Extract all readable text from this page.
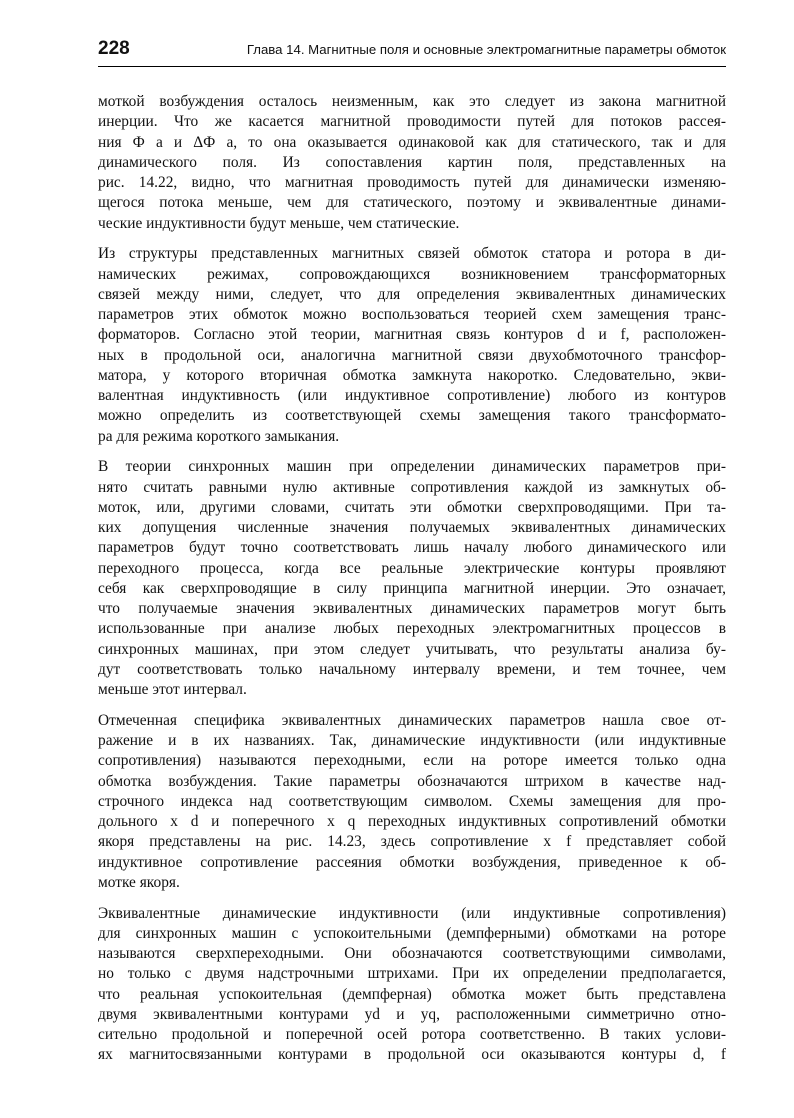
228	Глава 14. Магнитные поля и основные электромагнитные параметры обмоток
моткой возбуждения осталось неизменным, как это следует из закона магнитной
инерции. Что же касается магнитной проводимости путей для потоков рассея-
ния Ф а и ΔФ а, то она оказывается одинаковой как для статического, так и для
динамического поля. Из сопоставления картин поля, представленных на
рис. 14.22, видно, что магнитная проводимость путей для динамически изменяю-
щегося потока меньше, чем для статического, поэтому и эквивалентные динами-
ческие индуктивности будут меньше, чем статические.
Из структуры представленных магнитных связей обмоток статора и ротора в ди-
намических режимах, сопровождающихся возникновением трансформаторных
связей между ними, следует, что для определения эквивалентных динамических
параметров этих обмоток можно воспользоваться теорией схем замещения транс-
форматоров. Согласно этой теории, магнитная связь контуров d и f, расположен-
ных в продольной оси, аналогична магнитной связи двухобмоточного трансфор-
матора, у которого вторичная обмотка замкнута накоротко. Следовательно, экви-
валентная индуктивность (или индуктивное сопротивление) любого из контуров
можно определить из соответствующей схемы замещения такого трансформато-
ра для режима короткого замыкания.
В теории синхронных машин при определении динамических параметров при-
нято считать равными нулю активные сопротивления каждой из замкнутых об-
моток, или, другими словами, считать эти обмотки сверхпроводящими. При та-
ких допущения численные значения получаемых эквивалентных динамических
параметров будут точно соответствовать лишь началу любого динамического или
переходного процесса, когда все реальные электрические контуры проявляют
себя как сверхпроводящие в силу принципа магнитной инерции. Это означает,
что получаемые значения эквивалентных динамических параметров могут быть
использованные при анализе любых переходных электромагнитных процессов в
синхронных машинах, при этом следует учитывать, что результаты анализа бу-
дут соответствовать только начальному интервалу времени, и тем точнее, чем
меньше этот интервал.
Отмеченная специфика эквивалентных динамических параметров нашла свое от-
ражение и в их названиях. Так, динамические индуктивности (или индуктивные
сопротивления) называются переходными, если на роторе имеется только одна
обмотка возбуждения. Такие параметры обозначаются штрихом в качестве над-
строчного индекса над соответствующим символом. Схемы замещения для про-
дольного x d и поперечного x q переходных индуктивных сопротивлений обмотки
якоря представлены на рис. 14.23, здесь сопротивление x f представляет собой
индуктивное сопротивление рассеяния обмотки возбуждения, приведенное к об-
мотке якоря.
Эквивалентные динамические индуктивности (или индуктивные сопротивления)
для синхронных машин с успокоительными (демпферными) обмотками на роторе
называются сверхпереходными. Они обозначаются соответствующими символами,
но только с двумя надстрочными штрихами. При их определении предполагается,
что реальная успокоительная (демпферная) обмотка может быть представлена
двумя эквивалентными контурами yd и yq, расположенными симметрично отно-
сительно продольной и поперечной осей ротора соответственно. В таких услови-
ях магнитосвязанными контурами в продольной оси оказываются контуры d, f
